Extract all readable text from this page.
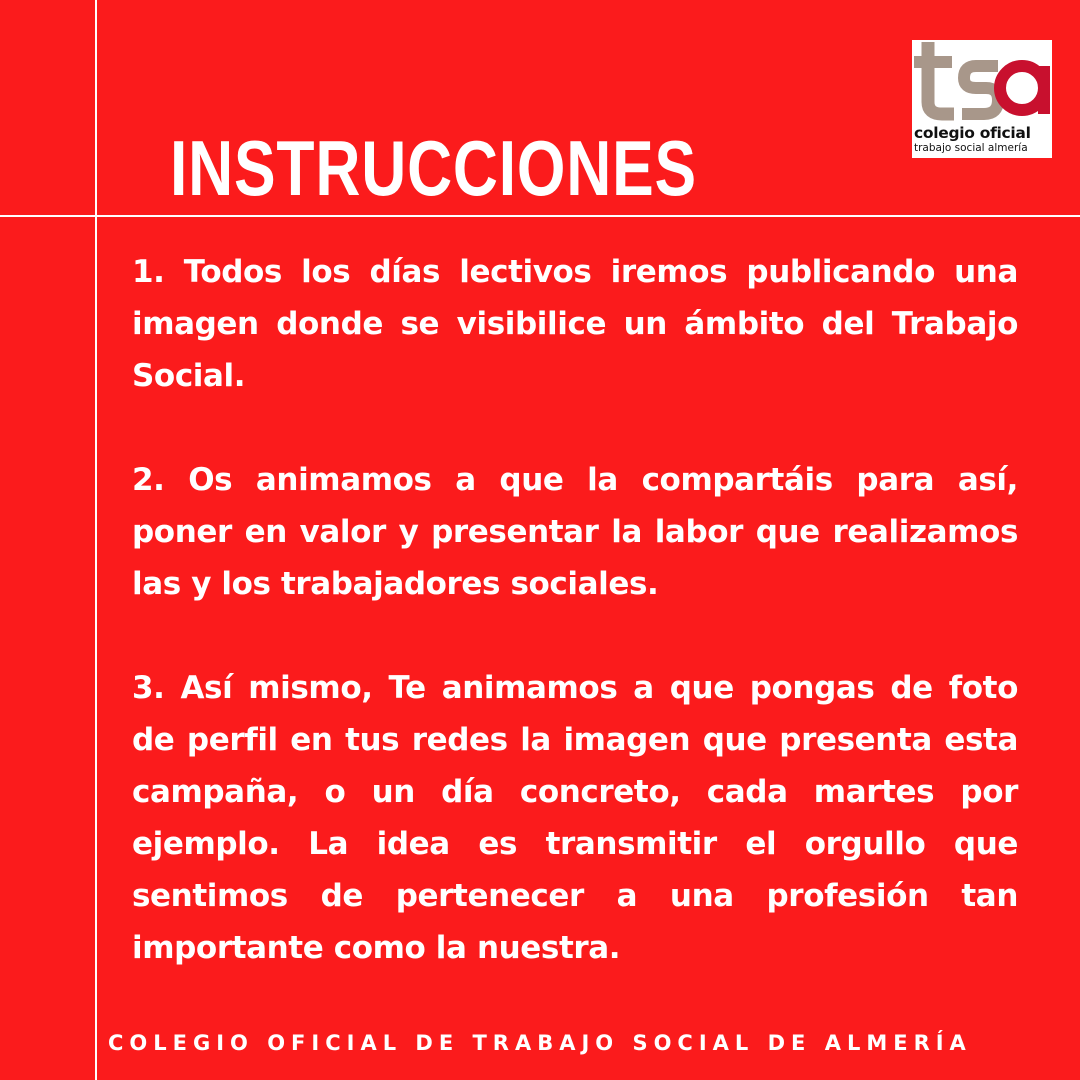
INSTRUCCIONES	colegio oficial
trabajo social almería

1. Todos los días lectivos iremos publicando una imagen donde se visibilice un ámbito del Trabajo Social.

2. Os animamos a que la compartáis para así, poner en valor y presentar la labor que realizamos las y los trabajadores sociales.

3. Así mismo, Te animamos a que pongas de foto de perfil en tus redes la imagen que presenta esta campaña, o un día concreto, cada martes por ejemplo. La idea es transmitir el orgullo que sentimos de pertenecer a una profesión tan importante como la nuestra.

COLEGIO OFICIAL DE TRABAJO SOCIAL DE ALMERÍA
